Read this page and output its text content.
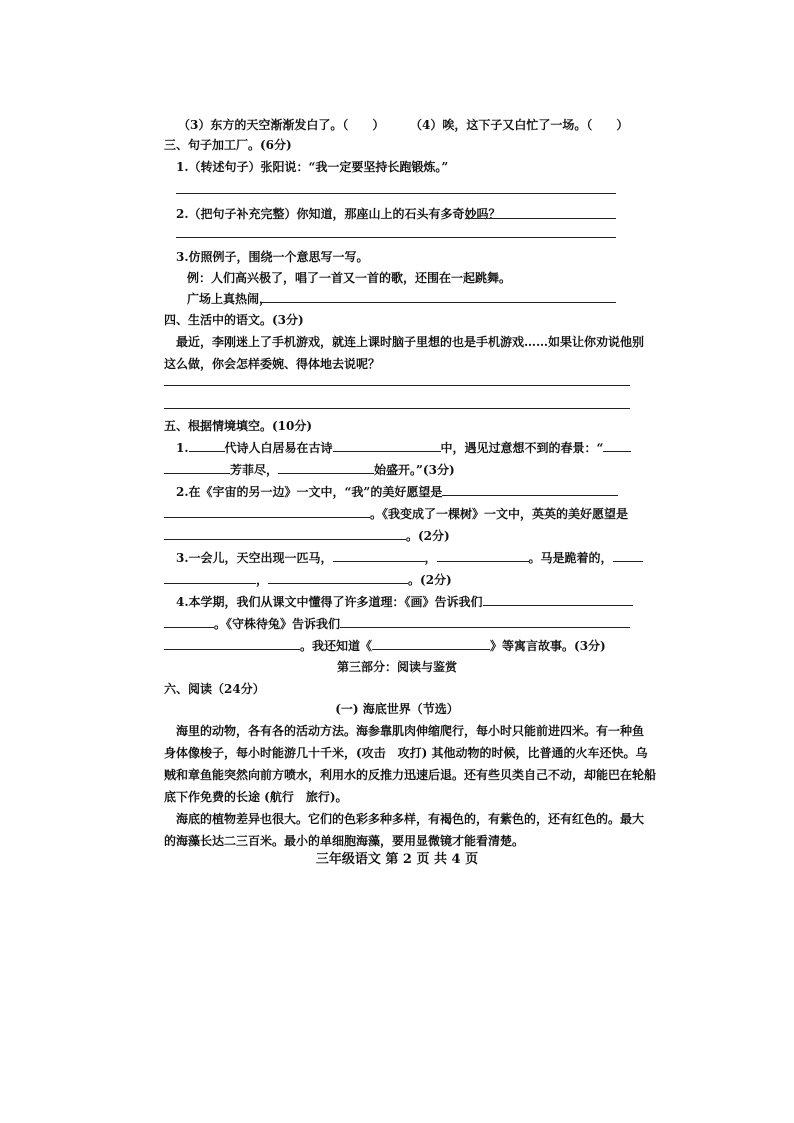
（3）东方的天空渐渐发白了。（　　） （4）唉，这下子又白忙了一场。（　　）
三、句子加工厂。(6分)
1.（转述句子）张阳说：“我一定要坚持长跑锻炼。”
2.（把句子补充完整）你知道，那座山上的石头有多奇妙吗？
3.仿照例子，围绕一个意思写一写。
例：人们高兴极了，唱了一首又一首的歌，还围在一起跳舞。
广场上真热闹，
四、生活中的语文。(3分)
最近，李刚迷上了手机游戏，就连上课时脑子里想的也是手机游戏……如果让你劝说他别
这么做，你会怎样委婉、得体地去说呢？
五、根据情境填空。(10分)
1.	代诗人白居易在古诗	中，遇见过意想不到的春景：“
芳菲尽，	始盛开。”(3分)
2.在《宇宙的另一边》一文中，“我”的美好愿望是
。《我变成了一棵树》一文中，英英的美好愿望是
。(2分)
3.一会儿，天空出现一匹马，	，	。马是跪着的，
，	。(2分)
4.本学期，我们从课文中懂得了许多道理：《画》告诉我们
。《守株待兔》告诉我们
。我还知道《	》等寓言故事。(3分)
第三部分：阅读与鉴赏
六、阅读（24分）
(一) 海底世界（节选）
海里的动物，各有各的活动方法。海参靠肌肉伸缩爬行，每小时只能前进四米。有一种鱼
身体像梭子，每小时能游几十千米，(攻击　攻打) 其他动物的时候，比普通的火车还快。乌
贼和章鱼能突然向前方喷水，利用水的反推力迅速后退。还有些贝类自己不动，却能巴在轮船
底下作免费的长途 (航行　旅行)。
海底的植物差异也很大。它们的色彩多种多样，有褐色的，有紫色的，还有红色的。最大
的海藻长达二三百米。最小的单细胞海藻，要用显微镜才能看清楚。
三年级语文 第 2 页 共 4 页
